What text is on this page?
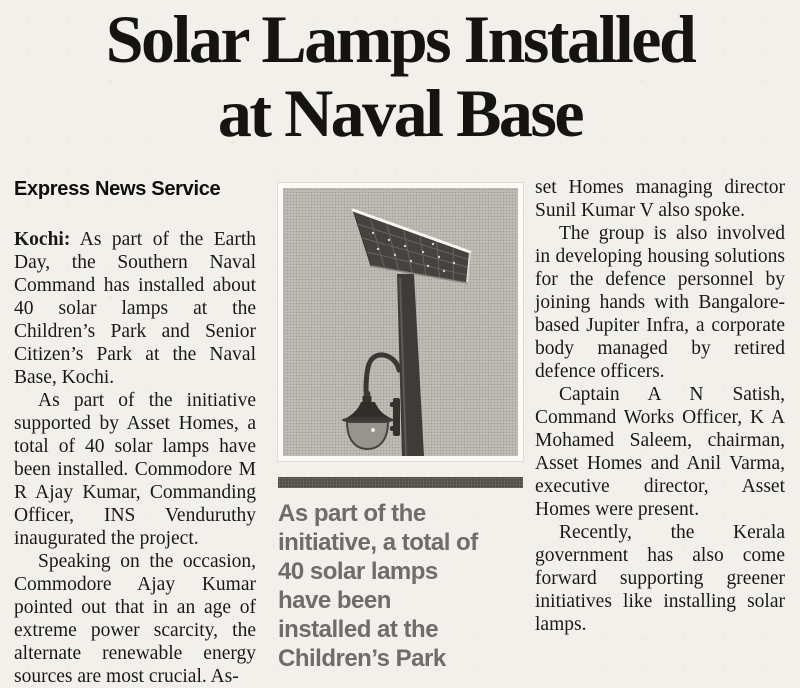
Solar Lamps Installed
at Naval Base
Express News Service

Kochi: As part of the Earth Day, the Southern Naval Command has installed about 40 solar lamps at the Children’s Park and Senior Citizen’s Park at the Naval Base, Kochi.

As part of the initiative supported by Asset Homes, a total of 40 solar lamps have been installed. Commodore M R Ajay Kumar, Commanding Officer, INS Venduruthy inaugurated the project.

Speaking on the occasion, Commodore Ajay Kumar pointed out that in an age of extreme power scarcity, the alternate renewable energy sources are most crucial. As-

As part of the initiative, a total of 40 solar lamps have been installed at the Children’s Park

set Homes managing director Sunil Kumar V also spoke.

The group is also involved in developing housing solutions for the defence personnel by joining hands with Bangalore-based Jupiter Infra, a corporate body managed by retired defence officers.

Captain A N Satish, Command Works Officer, K A Mohamed Saleem, chairman, Asset Homes and Anil Varma, executive director, Asset Homes were present.

Recently, the Kerala government has also come forward supporting greener initiatives like installing solar lamps.
